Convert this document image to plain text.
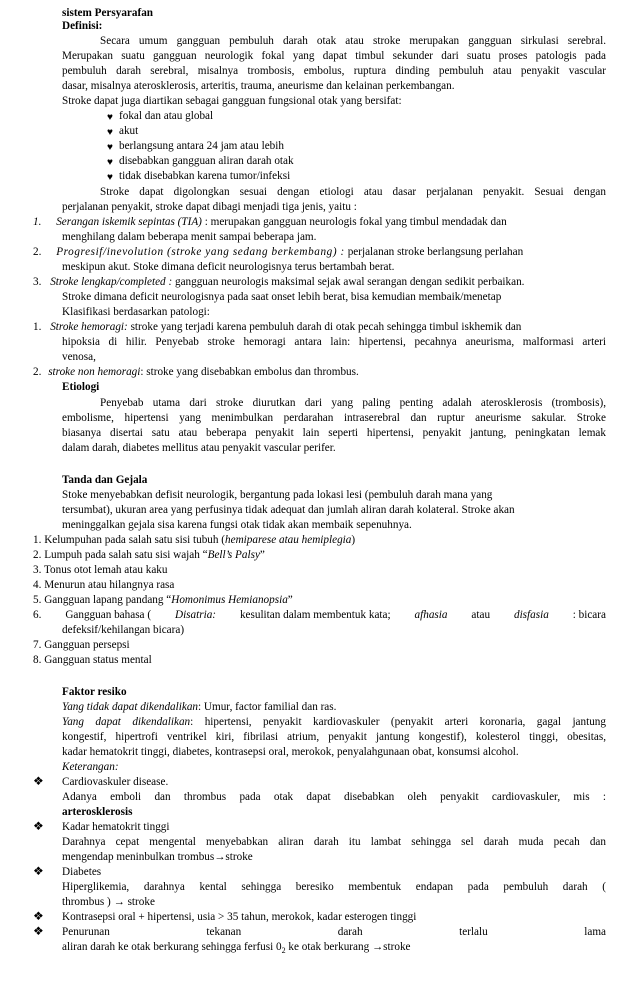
sistem Persyarafan
Definisi:
Secara umum gangguan pembuluh darah otak atau stroke merupakan gangguan sirkulasi serebral.
Merupakan suatu gangguan neurologik fokal yang dapat timbul sekunder dari suatu proses patologis pada
pembuluh darah serebral, misalnya trombosis, embolus, ruptura dinding pembuluh atau penyakit vascular
dasar, misalnya aterosklerosis, arteritis, trauma, aneurisme dan kelainan perkembangan.
Stroke dapat juga diartikan sebagai gangguan fungsional otak yang bersifat:
♥ fokal dan atau global
♥ akut
♥ berlangsung antara 24 jam atau lebih
♥ disebabkan gangguan aliran darah otak
♥ tidak disebabkan karena tumor/infeksi
Stroke dapat digolongkan sesuai dengan etiologi atau dasar perjalanan penyakit. Sesuai dengan
perjalanan penyakit, stroke dapat dibagi menjadi tiga jenis, yaitu :
1. Serangan iskemik sepintas (TIA) : merupakan gangguan neurologis fokal yang timbul mendadak dan
menghilang dalam beberapa menit sampai beberapa jam.
2. Progresif/inevolution (stroke yang sedang berkembang) : perjalanan stroke berlangsung perlahan
meskipun akut. Stoke dimana deficit neurologisnya terus bertambah berat.
3. Stroke lengkap/completed : gangguan neurologis maksimal sejak awal serangan dengan sedikit perbaikan.
Stroke dimana deficit neurologisnya pada saat onset lebih berat, bisa kemudian membaik/menetap
Klasifikasi berdasarkan patologi:
1. Stroke hemoragi: stroke yang terjadi karena pembuluh darah di otak pecah sehingga timbul iskhemik dan
hipoksia di hilir. Penyebab stroke hemoragi antara lain: hipertensi, pecahnya aneurisma, malformasi arteri
venosa,
2. stroke non hemoragi: stroke yang disebabkan embolus dan thrombus.
Etiologi
Penyebab utama dari stroke diurutkan dari yang paling penting adalah aterosklerosis (trombosis),
embolisme, hipertensi yang menimbulkan perdarahan intraserebral dan ruptur aneurisme sakular. Stroke
biasanya disertai satu atau beberapa penyakit lain seperti hipertensi, penyakit jantung, peningkatan lemak
dalam darah, diabetes mellitus atau penyakit vascular perifer.
Tanda dan Gejala
Stoke menyebabkan defisit neurologik, bergantung pada lokasi lesi (pembuluh darah mana yang
tersumbat), ukuran area yang perfusinya tidak adequat dan jumlah aliran darah kolateral. Stroke akan
meninggalkan gejala sisa karena fungsi otak tidak akan membaik sepenuhnya.
1. Kelumpuhan pada salah satu sisi tubuh (hemiparese atau hemiplegia)
2. Lumpuh pada salah satu sisi wajah “Bell’s Palsy”
3. Tonus otot lemah atau kaku
4. Menurun atau hilangnya rasa
5. Gangguan lapang pandang “Homonimus Hemianopsia”
6. Gangguan bahasa ( Disatria: kesulitan dalam membentuk kata; afhasia atau disfasia : bicara
defeksif/kehilangan bicara)
7. Gangguan persepsi
8. Gangguan status mental
Faktor resiko
Yang tidak dapat dikendalikan: Umur, factor familial dan ras.
Yang dapat dikendalikan: hipertensi, penyakit kardiovaskuler (penyakit arteri koronaria, gagal jantung
kongestif, hipertrofi ventrikel kiri, fibrilasi atrium, penyakit jantung kongestif), kolesterol tinggi, obesitas,
kadar hematokrit tinggi, diabetes, kontrasepsi oral, merokok, penyalahgunaan obat, konsumsi alcohol.
Keterangan:
❖ Cardiovaskuler disease.
Adanya emboli dan thrombus pada otak dapat disebabkan oleh penyakit cardiovaskuler, mis :
arterosklerosis
❖ Kadar hematokrit tinggi
Darahnya cepat mengental menyebabkan aliran darah itu lambat sehingga sel darah muda pecah dan
mengendap meninbulkan trombus→stroke
❖ Diabetes
Hiperglikemia, darahnya kental sehingga beresiko membentuk endapan pada pembuluh darah (
thrombus ) → stroke
❖ Kontrasepsi oral + hipertensi, usia > 35 tahun, merokok, kadar esterogen tinggi
❖ Penurunan tekanan darah terlalu lama
aliran darah ke otak berkurang sehingga ferfusi $0_2$ ke otak berkurang →stroke
